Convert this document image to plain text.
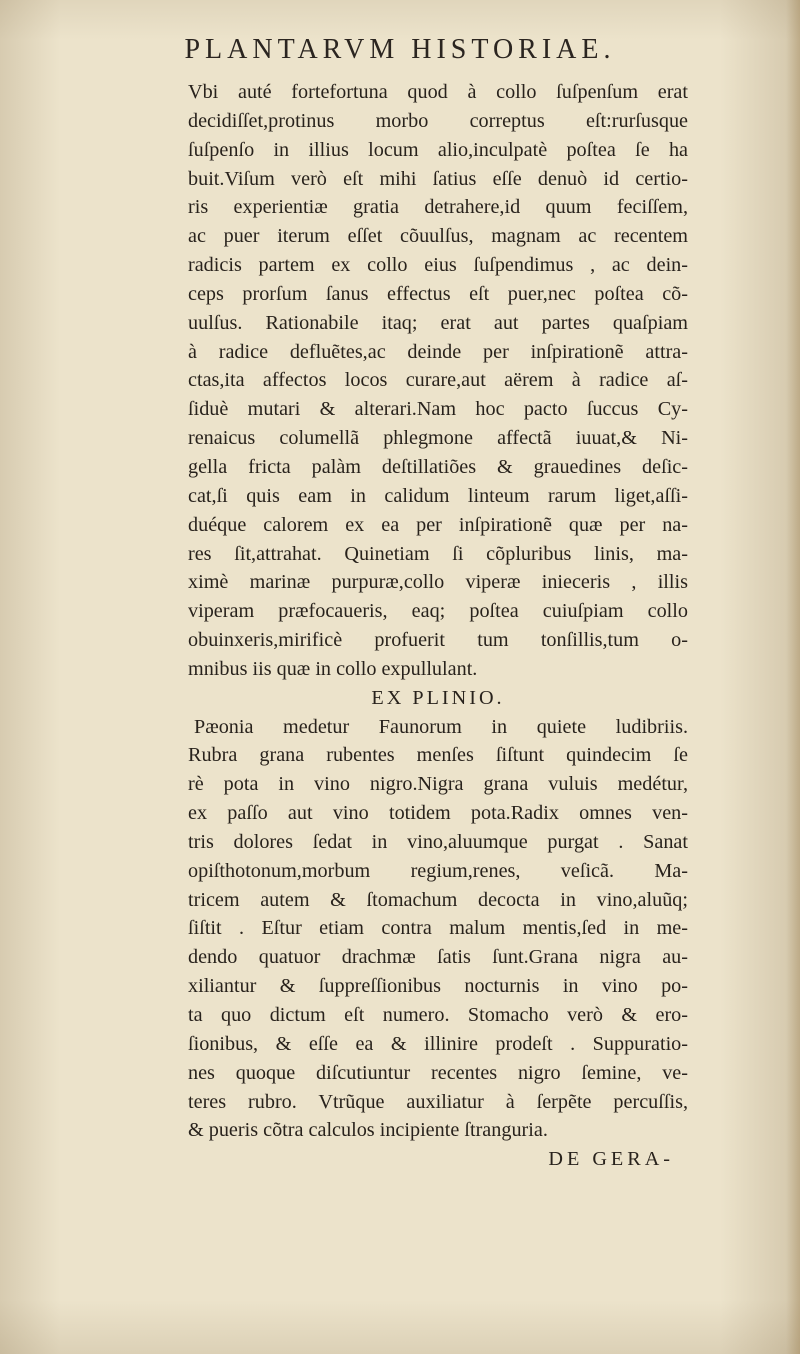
PLANTARVM HISTORIAE.
Vbi auté fortefortuna quod à collo ſuſpenſum erat
decidiſſet,protinus morbo correptus eſt:rurſusque
ſuſpenſo in illius locum alio,inculpatè poſtea ſe ha
buit.Viſum verò eſt mihi ſatius eſſe denuò id certio-
ris experientiæ gratia detrahere,id quum feciſſem,
ac puer iterum eſſet cõuulſus, magnam ac recentem
radicis partem ex collo eius ſuſpendimus , ac dein-
ceps prorſum ſanus effectus eſt puer,nec poſtea cõ-
uulſus. Rationabile itaq; erat aut partes quaſpiam
à radice defluẽtes,ac deinde per inſpirationẽ attra-
ctas,ita affectos locos curare,aut aërem à radice aſ-
ſiduè mutari & alterari.Nam hoc pacto ſuccus Cy-
renaicus columellã phlegmone affectã iuuat,& Ni-
gella fricta palàm deſtillatiões & grauedines deſic-
cat,ſi quis eam in calidum linteum rarum liget,aſſi-
duéque calorem ex ea per inſpirationẽ quæ per na-
res ſit,attrahat. Quinetiam ſi cõpluribus linis, ma-
ximè marinæ purpuræ,collo viperæ inieceris , illis
viperam præfocaueris, eaq; poſtea cuiuſpiam collo
obuinxeris,mirificè profuerit tum tonſillis,tum o-
mnibus iis quæ in collo expullulant.
EX PLINIO.
Pæonia medetur Faunorum in quiete ludibriis.
Rubra grana rubentes menſes ſiſtunt quindecim ſe
rè pota in vino nigro.Nigra grana vuluis medétur,
ex paſſo aut vino totidem pota.Radix omnes ven-
tris dolores ſedat in vino,aluumque purgat . Sanat
opiſthotonum,morbum regium,renes, veſicã. Ma-
tricem autem & ſtomachum decocta in vino,aluũq;
ſiſtit . Eſtur etiam contra malum mentis,ſed in me-
dendo quatuor drachmæ ſatis ſunt.Grana nigra au-
xiliantur & ſuppreſſionibus nocturnis in vino po-
ta quo dictum eſt numero. Stomacho verò & ero-
ſionibus, & eſſe ea & illinire prodeſt . Suppuratio-
nes quoque diſcutiuntur recentes nigro ſemine, ve-
teres rubro. Vtrũque auxiliatur à ſerpẽte percuſſis,
& pueris cõtra calculos incipiente ſtranguria.
DE GERA-
